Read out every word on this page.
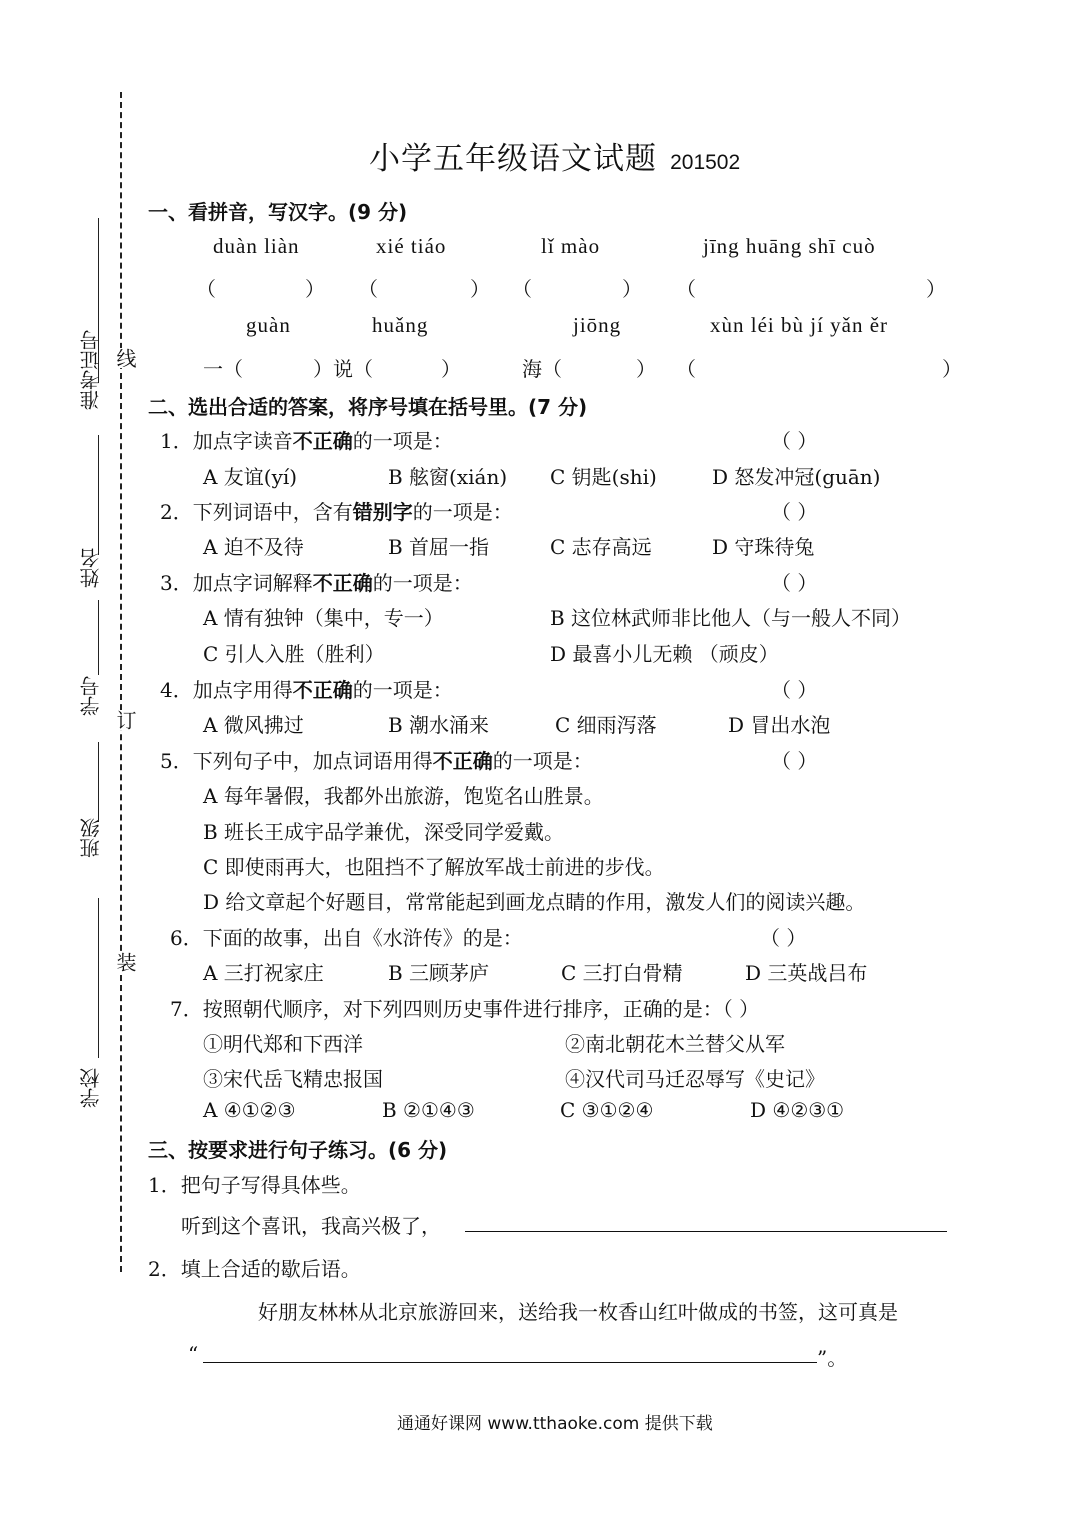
准考证号
姓名
学号
班级
学校
线
订
装
小学五年级语文试题 201502
一、看拼音，写汉字。(9 分)
duàn liàn	xié tiáo	lǐ mào	jīng huāng shī cuò
（	） （	） （	） （	）
guàn	huǎng	jiōng	xùn léi bù jí yǎn ěr
一（	）说（	）	海（	） （	）
二、选出合适的答案，将序号填在括号里。(7 分)
1．加点字读音不正确的一项是：	（ ）
A 友谊(yí)	B 舷窗(xián) C 钥匙(shi)	D 怒发冲冠(guān)
2．下列词语中，含有错别字的一项是：	（ ）
A 迫不及待	B 首屈一指	C 志存高远	D 守珠待兔
3．加点字词解释不正确的一项是：	（ ）
A 情有独钟（集中，专一）	B 这位林武师非比他人（与一般人不同）
C 引人入胜（胜利）	D 最喜小儿无赖 （顽皮）
4．加点字用得不正确的一项是：	（ ）
A 微风拂过	B 潮水涌来	C 细雨泻落	D 冒出水泡
5．下列句子中，加点词语用得不正确的一项是：	（ ）
A 每年暑假，我都外出旅游，饱览名山胜景。
B 班长王成宇品学兼优，深受同学爱戴。
C 即使雨再大，也阻挡不了解放军战士前进的步伐。
D 给文章起个好题目，常常能起到画龙点睛的作用，激发人们的阅读兴趣。
6．下面的故事，出自《水浒传》的是：	（ ）
A 三打祝家庄	B 三顾茅庐	C 三打白骨精	D 三英战吕布
7．按照朝代顺序，对下列四则历史事件进行排序，正确的是：（ ）
①明代郑和下西洋	②南北朝花木兰替父从军
③宋代岳飞精忠报国	④汉代司马迁忍辱写《史记》
A ④①②③	B ②①④③	C ③①②④	D ④②③①
三、按要求进行句子练习。(6 分)
1．把句子写得具体些。
听到这个喜讯，我高兴极了，
2．填上合适的歇后语。
好朋友林林从北京旅游回来，送给我一枚香山红叶做成的书签，这可真是
“	”。
通通好课网 www.tthaoke.com 提供下载
